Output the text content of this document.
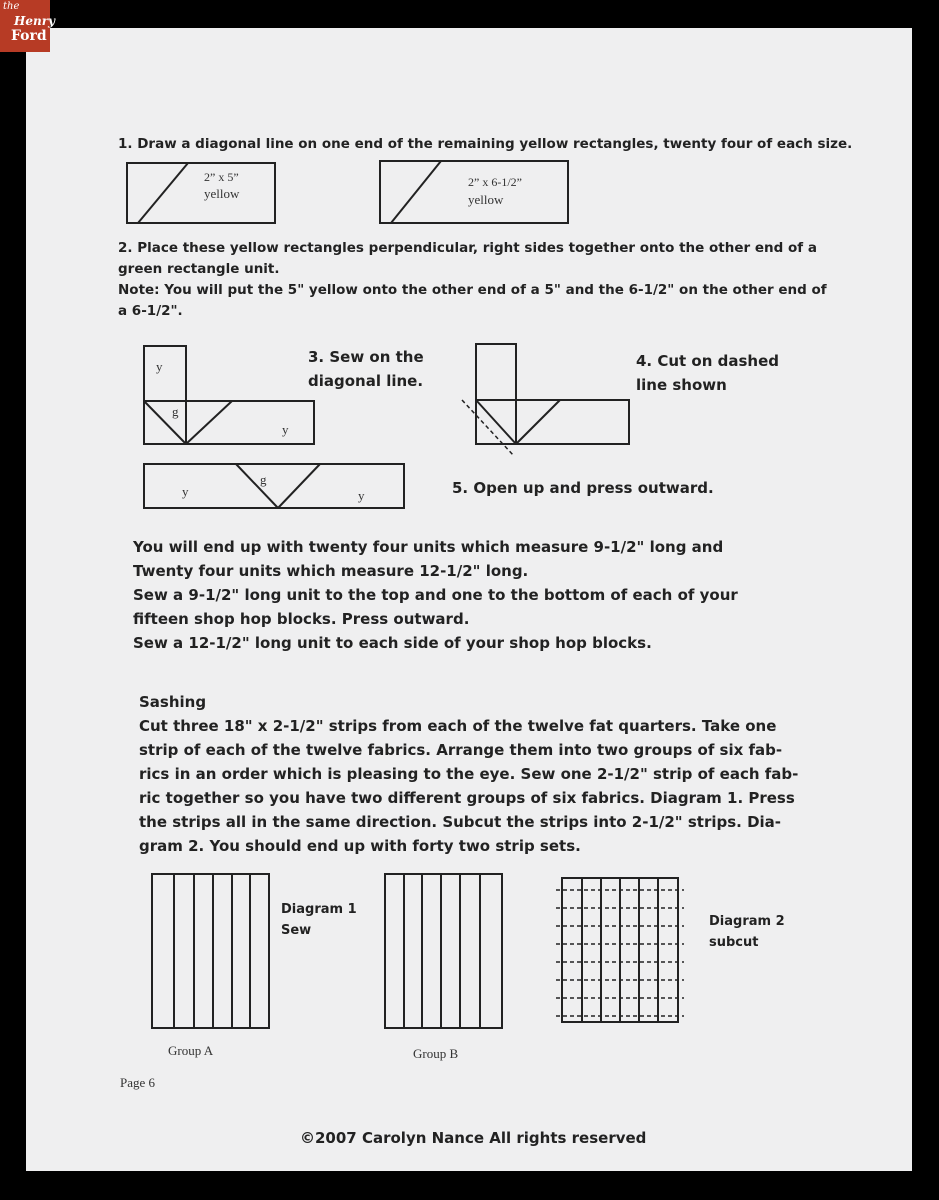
the
Henry
Ford
1. Draw a diagonal line on one end of the remaining yellow rectangles, twenty four of each size.
2” x 5”
yellow
2” x 6-1/2”
yellow
2. Place these yellow rectangles perpendicular, right sides together onto the other end of a
green rectangle unit.
Note: You will put the 5" yellow onto the other end of a 5" and the 6-1/2" on the other end of
a 6-1/2".
y
g
y
3. Sew on the
diagonal line.
4. Cut on dashed
line shown
y
g
y	5. Open up and press outward.
You will end up with twenty four units which measure 9-1/2" long and
Twenty four units which measure 12-1/2" long.
Sew a 9-1/2" long unit to the top and one to the bottom of each of your
fifteen shop hop blocks. Press outward.
Sew a 12-1/2" long unit to each side of your shop hop blocks.
Sashing
Cut three 18" x 2-1/2" strips from each of the twelve fat quarters. Take one
strip of each of the twelve fabrics. Arrange them into two groups of six fab-
rics in an order which is pleasing to the eye. Sew one 2-1/2" strip of each fab-
ric together so you have two different groups of six fabrics. Diagram 1. Press
the strips all in the same direction. Subcut the strips into 2-1/2" strips. Dia-
gram 2. You should end up with forty two strip sets.
Diagram 1
Sew
Diagram 2
subcut
Group A	Group B
Page 6
©2007 Carolyn Nance All rights reserved
